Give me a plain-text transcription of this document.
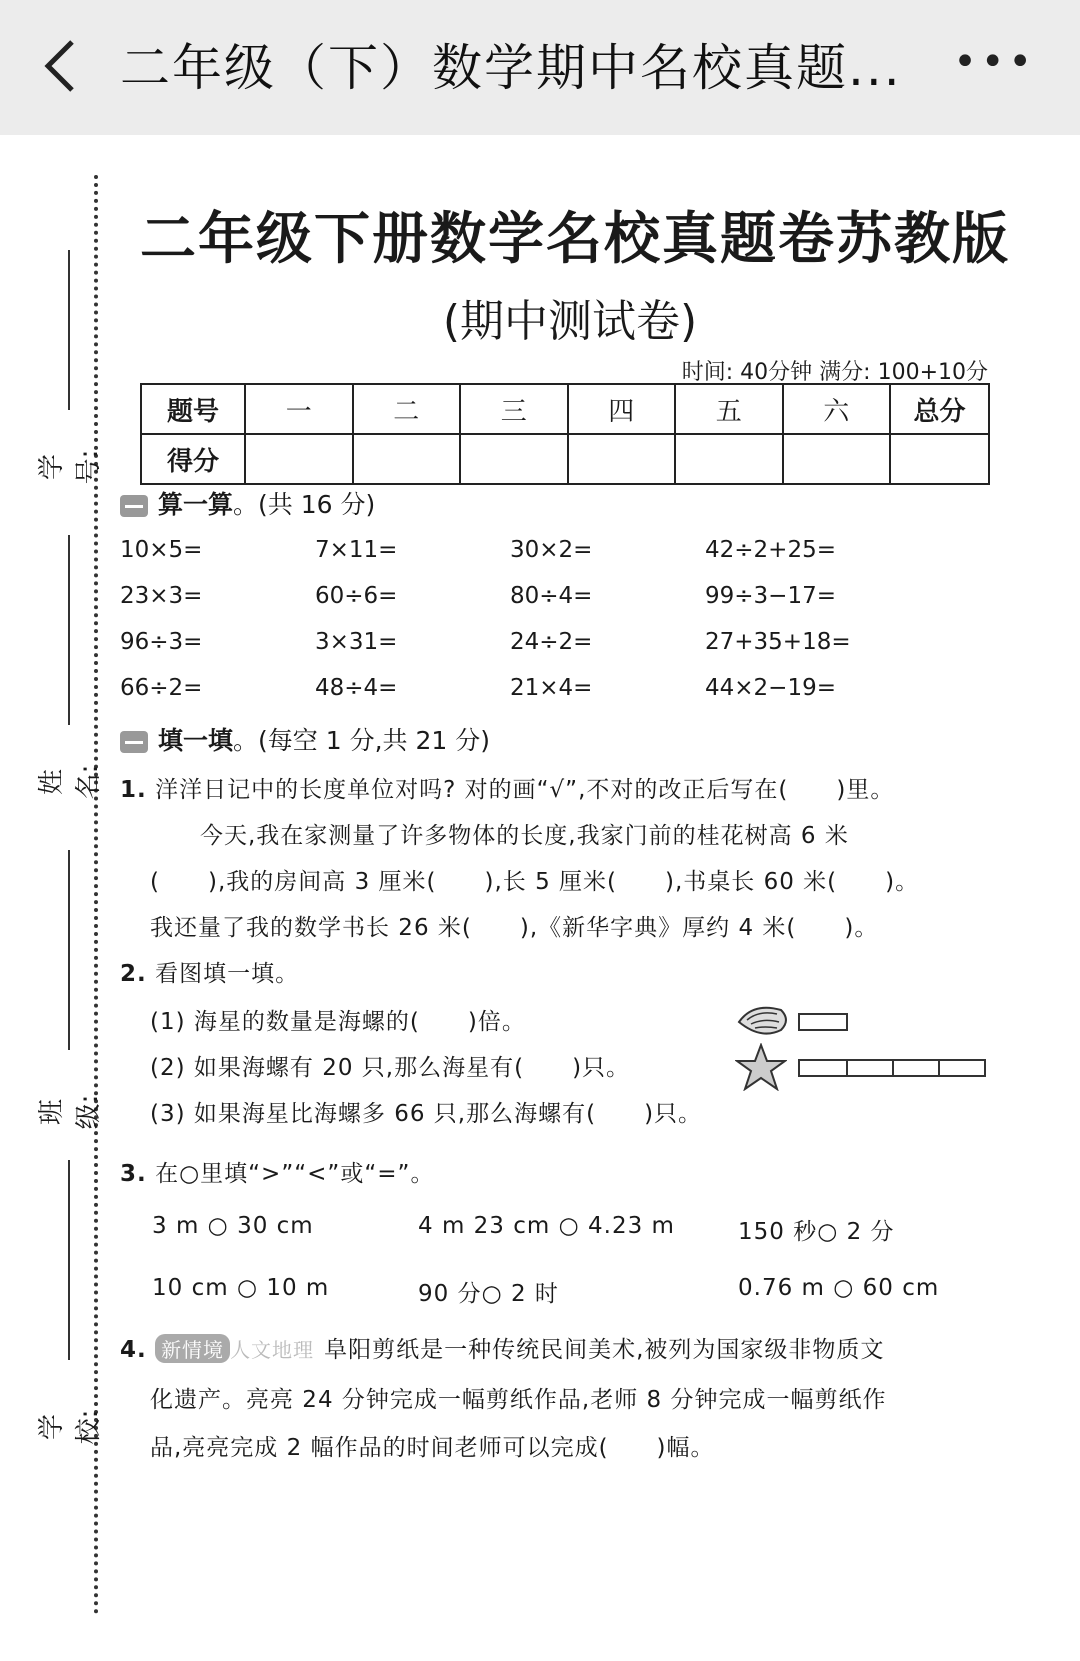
二年级（下）数学期中名校真题... •••
学号:
姓名:
班级:
学校:
二年级下册数学名校真题卷苏教版
(期中测试卷)
时间: 40分钟 满分: 100+10分
题号	一	二	三	四	五	六	总分
得分							
算一算。(共 16 分)
10×5=	7×11=	30×2=	42÷2+25=
23×3=	60÷6=	80÷4=	99÷3−17=
96÷3=	3×31=	24÷2=	27+35+18=
66÷2=	48÷4=	21×4=	44×2−19=
填一填。(每空 1 分,共 21 分)
1. 洋洋日记中的长度单位对吗? 对的画“√”,不对的改正后写在(　　)里。
今天,我在家测量了许多物体的长度,我家门前的桂花树高 6 米
(　　),我的房间高 3 厘米(　　),长 5 厘米(　　),书桌长 60 米(　　)。
我还量了我的数学书长 26 米(　　),《新华字典》厚约 4 米(　　)。
2. 看图填一填。
(1) 海星的数量是海螺的(　　)倍。
(2) 如果海螺有 20 只,那么海星有(　　)只。
(3) 如果海星比海螺多 66 只,那么海螺有(　　)只。
3. 在○里填“>”“<”或“=”。
3 m ○ 30 cm	4 m 23 cm ○ 4.23 m	150 秒○ 2 分
10 cm ○ 10 m	90 分○ 2 时	0.76 m ○ 60 cm
4. 新情境 人文地理 阜阳剪纸是一种传统民间美术,被列为国家级非物质文
化遗产。亮亮 24 分钟完成一幅剪纸作品,老师 8 分钟完成一幅剪纸作
品,亮亮完成 2 幅作品的时间老师可以完成(　　)幅。
